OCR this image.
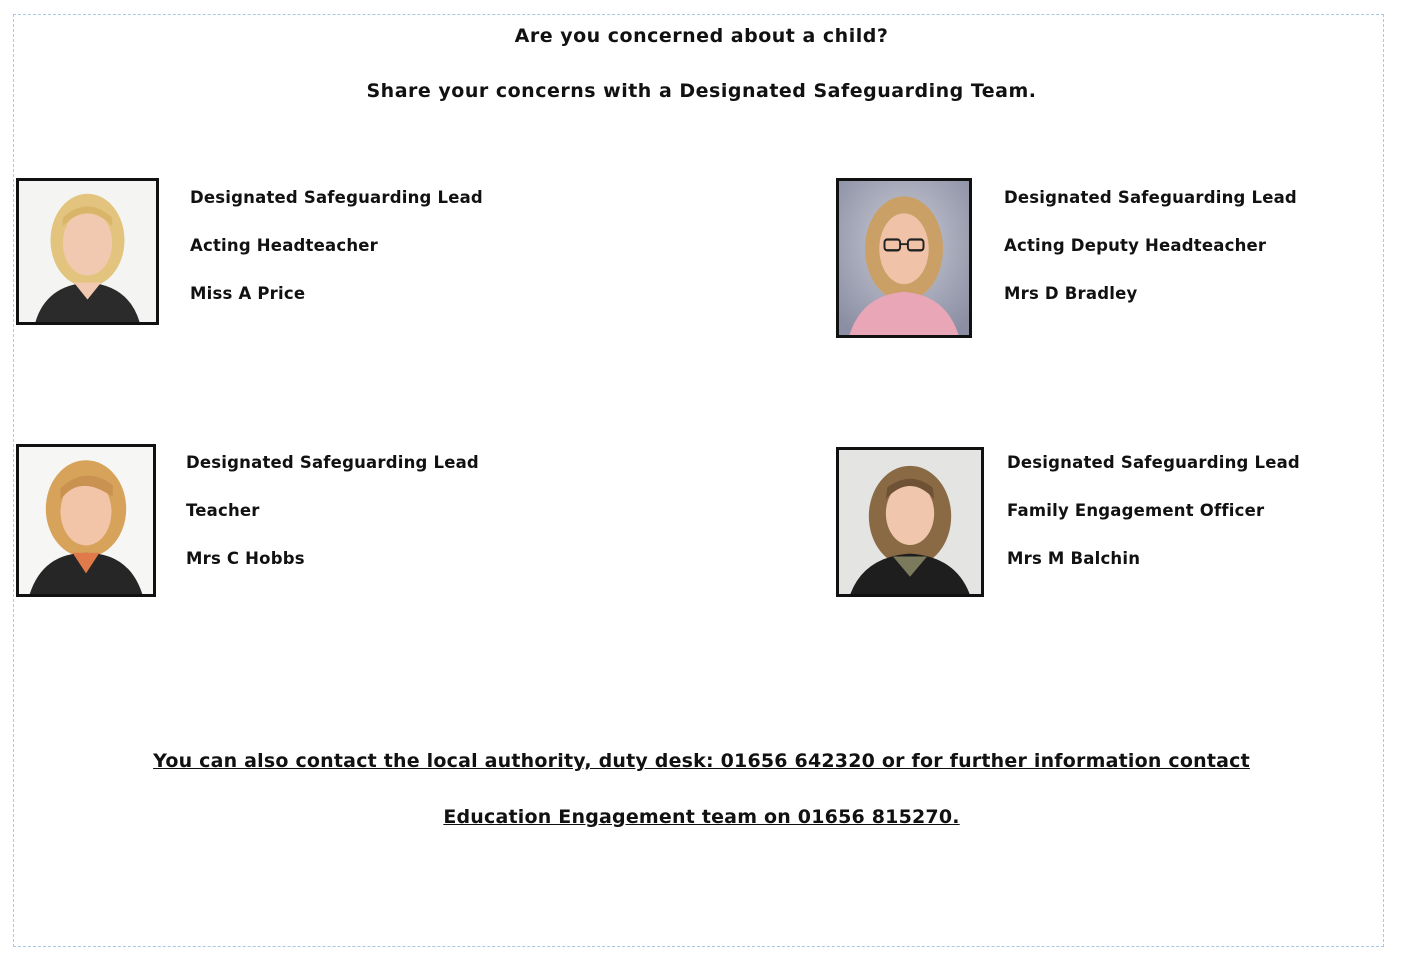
Are you concerned about a child?

Share your concerns with a Designated Safeguarding Team.

Designated Safeguarding Lead
Acting Headteacher
Miss A Price
Designated Safeguarding Lead
Acting Deputy Headteacher
Mrs D Bradley
Designated Safeguarding Lead
Teacher
Mrs C Hobbs
Designated Safeguarding Lead
Family Engagement Officer
Mrs M Balchin
You can also contact the local authority, duty desk: 01656 642320 or for further information contact
Education Engagement team on 01656 815270.
